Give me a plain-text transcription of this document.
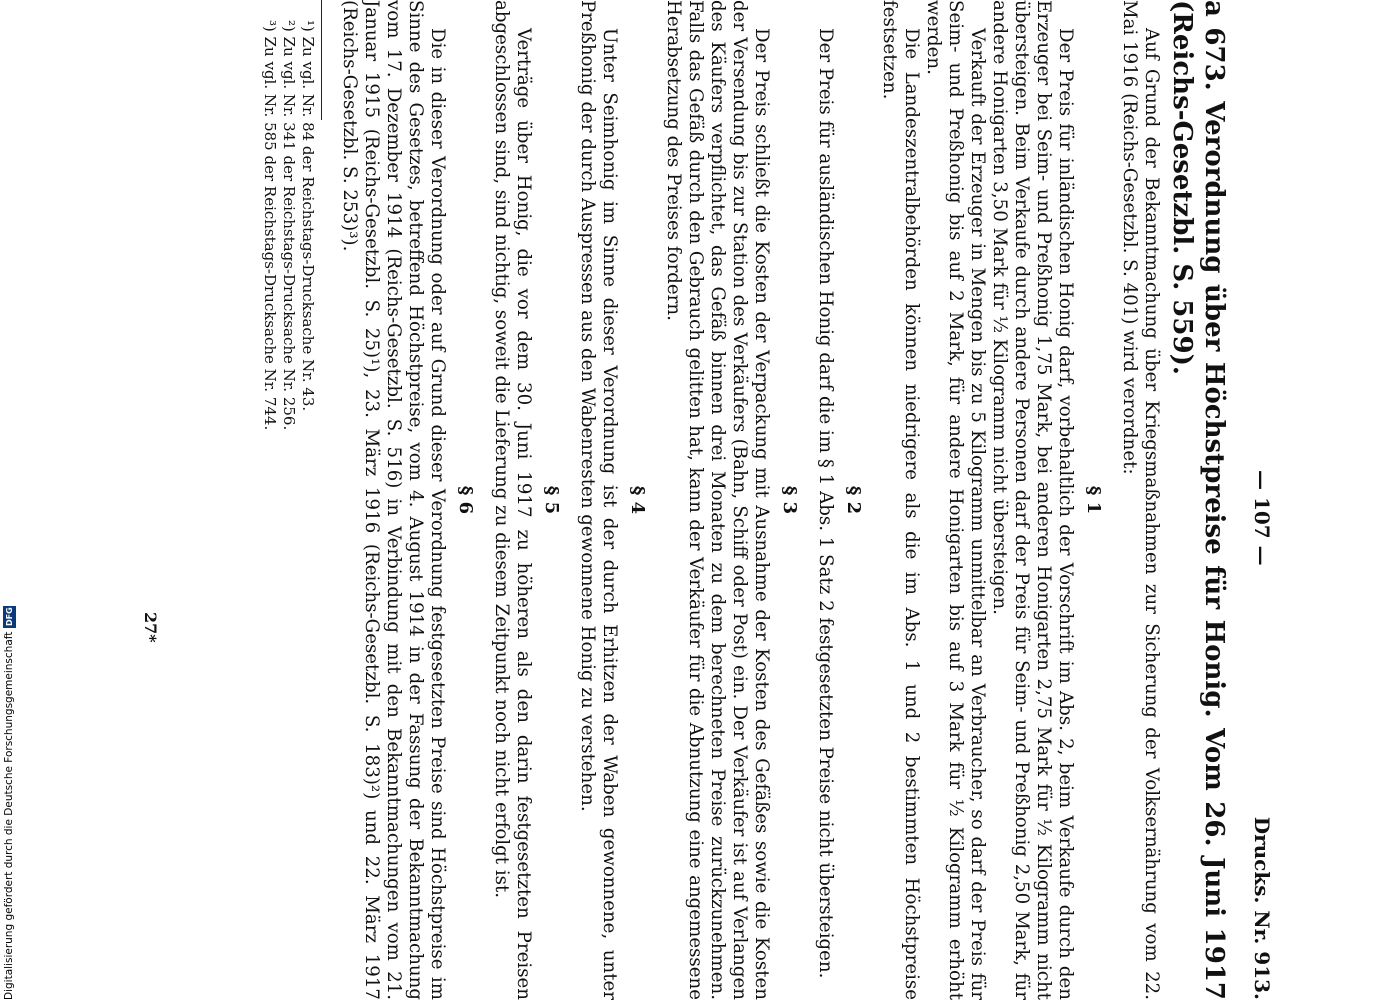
— 107 —
Drucks. Nr. 913.
a 673. Verordnung über Höchstpreise für Honig. Vom 26. Juni 1917 (Reichs-Gesetzbl. S. 559).

Auf Grund der Bekanntmachung über Kriegsmaßnahmen zur Sicherung der Volksernährung vom 22. Mai 1916 (Reichs-Gesetzbl. S. 401) wird verordnet:

§ 1

Der Preis für inländischen Honig darf, vorbehaltlich der Vorschrift im Abs. 2, beim Verkaufe durch den Erzeuger bei Seim- und Preßhonig 1,75 Mark, bei anderen Honigarten 2,75 Mark für ½ Kilogramm nicht übersteigen. Beim Verkaufe durch andere Personen darf der Preis für Seim- und Preßhonig 2,50 Mark, für andere Honigarten 3,50 Mark für ½ Kilogramm nicht übersteigen.

Verkauft der Erzeuger in Mengen bis zu 5 Kilogramm unmittelbar an Verbraucher, so darf der Preis für Seim- und Preßhonig bis auf 2 Mark, für andere Honigarten bis auf 3 Mark für ½ Kilogramm erhöht werden.

Die Landeszentralbehörden können niedrigere als die im Abs. 1 und 2 bestimmten Höchstpreise festsetzen.

§ 2

Der Preis für ausländischen Honig darf die im § 1 Abs. 1 Satz 2 festgesetzten Preise nicht übersteigen.

§ 3

Der Preis schließt die Kosten der Verpackung mit Ausnahme der Kosten des Gefäßes sowie die Kosten der Versendung bis zur Station des Verkäufers (Bahn, Schiff oder Post) ein. Der Verkäufer ist auf Verlangen des Käufers verpflichtet, das Gefäß binnen drei Monaten zu dem berechneten Preise zurückzunehmen. Falls das Gefäß durch den Gebrauch gelitten hat, kann der Verkäufer für die Abnutzung eine angemessene Herabsetzung des Preises fordern.

§ 4

Unter Seimhonig im Sinne dieser Verordnung ist der durch Erhitzen der Waben gewonnene, unter Preßhonig der durch Auspressen aus den Wabenresten gewonnene Honig zu verstehen.

§ 5

Verträge über Honig, die vor dem 30. Juni 1917 zu höheren als den darin festgesetzten Preisen abgeschlossen sind, sind nichtig, soweit die Lieferung zu diesem Zeitpunkt noch nicht erfolgt ist.

§ 6

Die in dieser Verordnung oder auf Grund dieser Verordnung festgesetzten Preise sind Höchstpreise im Sinne des Gesetzes, betreffend Höchstpreise, vom 4. August 1914 in der Fassung der Bekanntmachung vom 17. Dezember 1914 (Reichs-Gesetzbl. S. 516) in Verbindung mit den Bekanntmachungen vom 21. Januar 1915 (Reichs-Gesetzbl. S. 25)¹), 23. März 1916 (Reichs-Gesetzbl. S. 183)²) und 22. März 1917 (Reichs-Gesetzbl. S. 253)³).

¹) Zu vgl. Nr. 84 der Reichstags-Drucksache Nr. 43.
²) Zu vgl. Nr. 341 der Reichstags-Drucksache Nr. 256.
³) Zu vgl. Nr. 585 der Reichstags-Drucksache Nr. 744.
27*
Digitalisierung gefördert durch die Deutsche Forschungsgemeinschaft
DFG
